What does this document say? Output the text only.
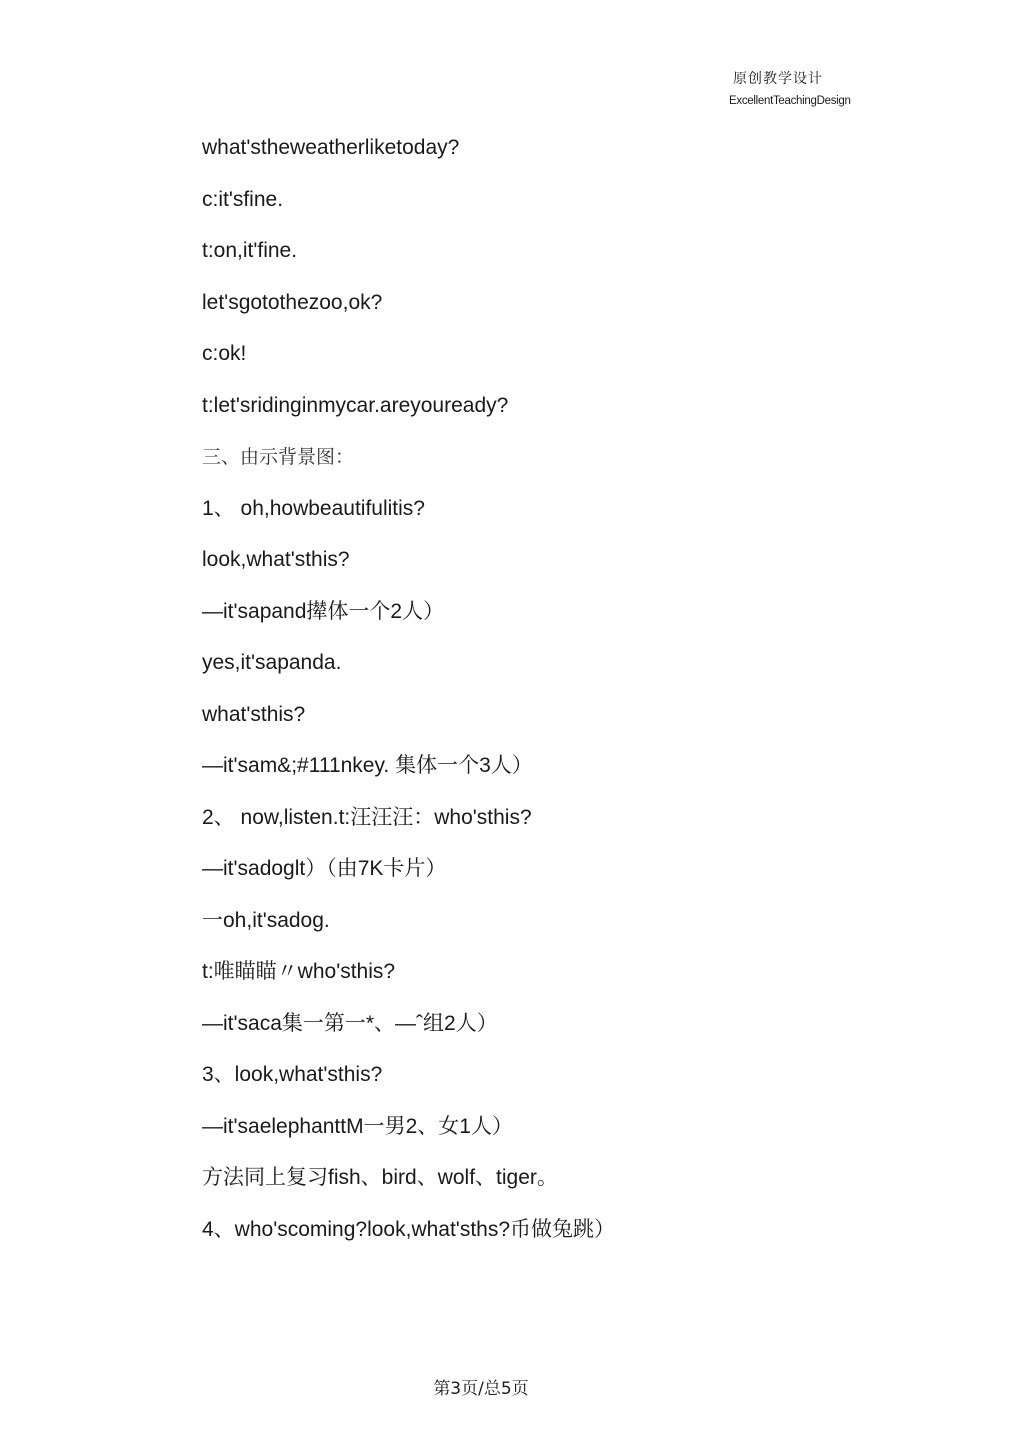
原创教学设计
ExcellentTeachingDesign
what'stheweatherliketoday?
c:it'sfine.
t:on,it'fine.
let'sgotothezoo,ok?
c:ok!
t:let'sridinginmycar.areyouready?
三、由示背景图：
1、 oh,howbeautifulitis?
look,what'sthis?
—it'sapand撵体一个2人）
yes,it'sapanda.
what'sthis?
—it'sam&;#111nkey. 集体一个3人）
2、 now,listen.t:汪汪汪：who'sthis?
—it'sadoglt）（由7K卡片）
一oh,it'sadog.
t:唯瞄瞄〃who'sthis?
—it'saca集一第一*、—ˆ组2人）
3、look,what'sthis?
—it'saelephanttM一男2、女1人）
方法同上复习fish、bird、wolf、tiger。
4、who'scoming?look,what'sths?币做兔跳）
第3页/总5页
